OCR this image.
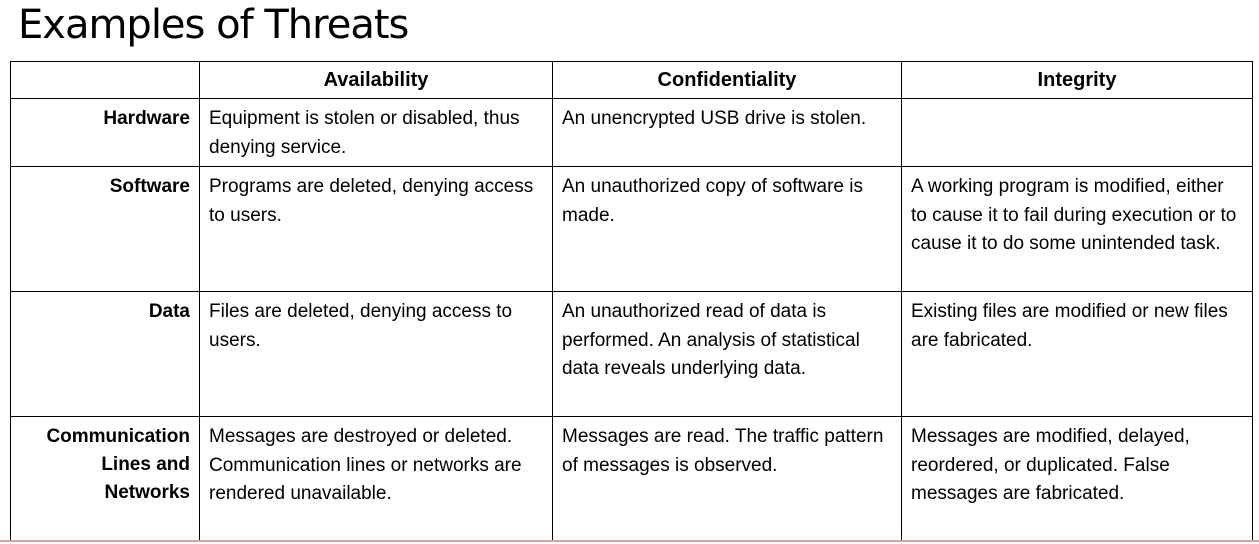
Examples of Threats
	Availability	Confidentiality	Integrity
Hardware	Equipment is stolen or disabled, thus denying service.	An unencrypted USB drive is stolen.	
Software	Programs are deleted, denying access to users.	An unauthorized copy of software is made.	A working program is modified, either to cause it to fail during execution or to cause it to do some unintended task.
Data	Files are deleted, denying access to users.	An unauthorized read of data is performed. An analysis of statistical data reveals underlying data.	Existing files are modified or new files are fabricated.
Communication Lines and Networks	Messages are destroyed or deleted. Communication lines or networks are rendered unavailable.	Messages are read. The traffic pattern of messages is observed.	Messages are modified, delayed, reordered, or duplicated. False messages are fabricated.
